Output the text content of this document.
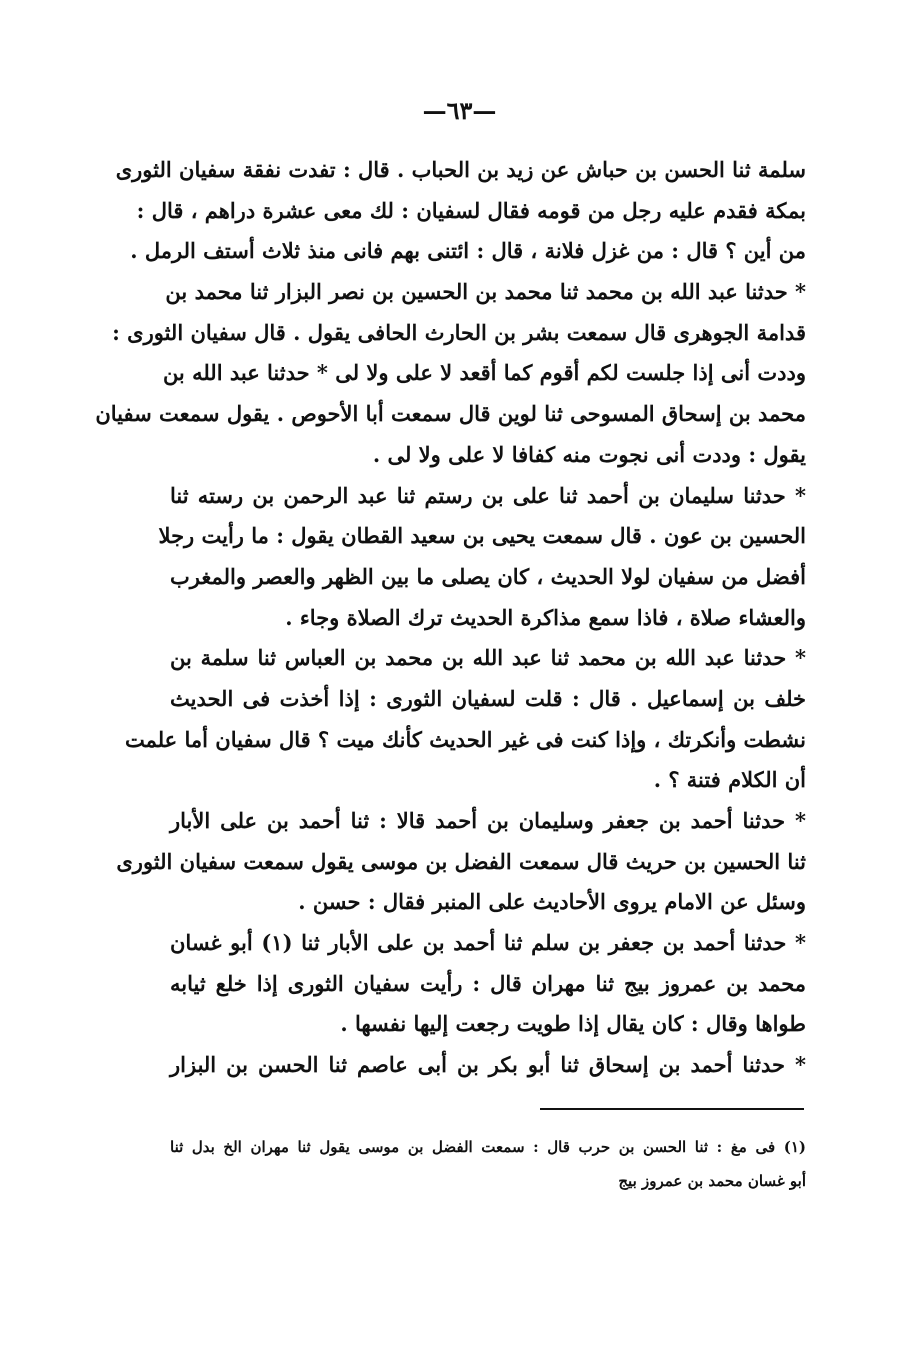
—٦٣—
سلمة ثنا الحسن بن حباش عن زيد بن الحباب . قال : تفدت نفقة سفيان الثورى
بمكة فقدم عليه رجل من قومه فقال لسفيان : لك معى عشرة دراهم ، قال :
من أين ؟ قال : من غزل فلانة ، قال : ائتنى بهم فانى منذ ثلاث أستف الرمل .
* حدثنا عبد الله بن محمد ثنا محمد بن الحسين بن نصر البزار ثنا محمد بن
قدامة الجوهرى قال سمعت بشر بن الحارث الحافى يقول . قال سفيان الثورى :
وددت أنى إذا جلست لكم أقوم كما أقعد لا على ولا لى * حدثنا عبد الله بن
محمد بن إسحاق المسوحى ثنا لوين قال سمعت أبا الأحوص . يقول سمعت سفيان
يقول : وددت أنى نجوت منه كفافا لا على ولا لى .
* حدثنا سليمان بن أحمد ثنا على بن رستم ثنا عبد الرحمن بن رسته ثنا
الحسين بن عون . قال سمعت يحيى بن سعيد القطان يقول : ما رأيت رجلا
أفضل من سفيان لولا الحديث ، كان يصلى ما بين الظهر والعصر والمغرب
والعشاء صلاة ، فاذا سمع مذاكرة الحديث ترك الصلاة وجاء .
* حدثنا عبد الله بن محمد ثنا عبد الله بن محمد بن العباس ثنا سلمة بن
خلف بن إسماعيل . قال : قلت لسفيان الثورى : إذا أخذت فى الحديث
نشطت وأنكرتك ، وإذا كنت فى غير الحديث كأنك ميت ؟ قال سفيان أما علمت
أن الكلام فتنة ؟ .
* حدثنا أحمد بن جعفر وسليمان بن أحمد قالا : ثنا أحمد بن على الأبار
ثنا الحسين بن حريث قال سمعت الفضل بن موسى يقول سمعت سفيان الثورى
وسئل عن الامام يروى الأحاديث على المنبر فقال : حسن .
* حدثنا أحمد بن جعفر بن سلم ثنا أحمد بن على الأبار ثنا (١) أبو غسان
محمد بن عمروز بيج ثنا مهران قال : رأيت سفيان الثورى إذا خلع ثيابه
طواها وقال : كان يقال إذا طويت رجعت إليها نفسها .
* حدثنا أحمد بن إسحاق ثنا أبو بكر بن أبى عاصم ثنا الحسن بن البزار
(١) فى مغ : ثنا الحسن بن حرب قال : سمعت الفضل بن موسى يقول ثنا مهران الخ بدل ثنا
أبو غسان محمد بن عمروز بيج
